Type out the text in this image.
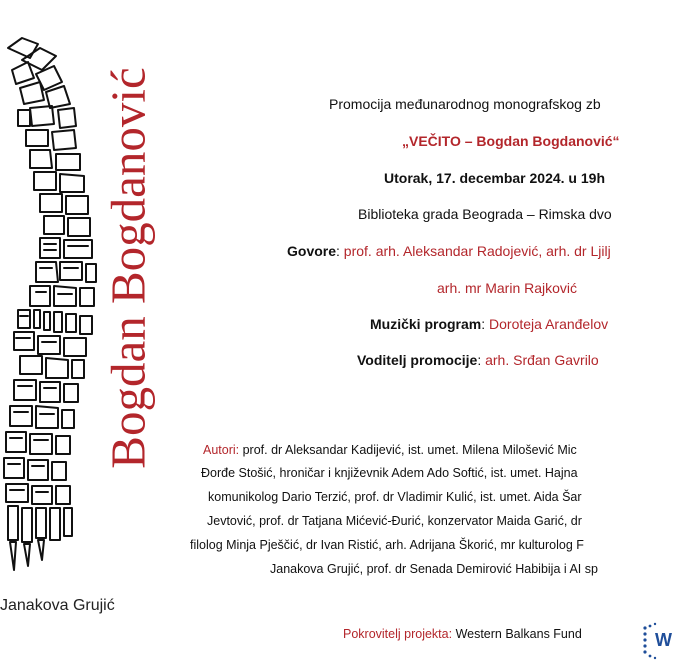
Bogdan Bogdanović
Janakova Grujić
Promocija međunarodnog monografskog zb
„VEČITO – Bogdan Bogdanović“
Utorak, 17. decembar 2024. u 19h
Biblioteka grada Beograda – Rimska dvo
Govore: prof. arh. Aleksandar Radojević, arh. dr Ljilj
arh. mr Marin Rajković
Muzički program: Doroteja Aranđelov
Voditelj promocije: arh. Srđan Gavrilo
Autori: prof. dr Aleksandar Kadijević, ist. umet. Milena Milošević Mic
Đorđe Stošić, hroničar i književnik Adem Ado Softić, ist. umet. Hajna
komunikolog Dario Terzić, prof. dr Vladimir Kulić, ist. umet. Aida Šar
Jevtović, prof. dr Tatjana Mićević-Đurić, konzervator Maida Garić, dr
filolog Minja Pješčić, dr Ivan Ristić, arh. Adrijana Škorić, mr kulturolog F
Janakova Grujić, prof. dr Senada Demirović Habibija i AI sp
Pokrovitelj projekta: Western Balkans Fund	W
